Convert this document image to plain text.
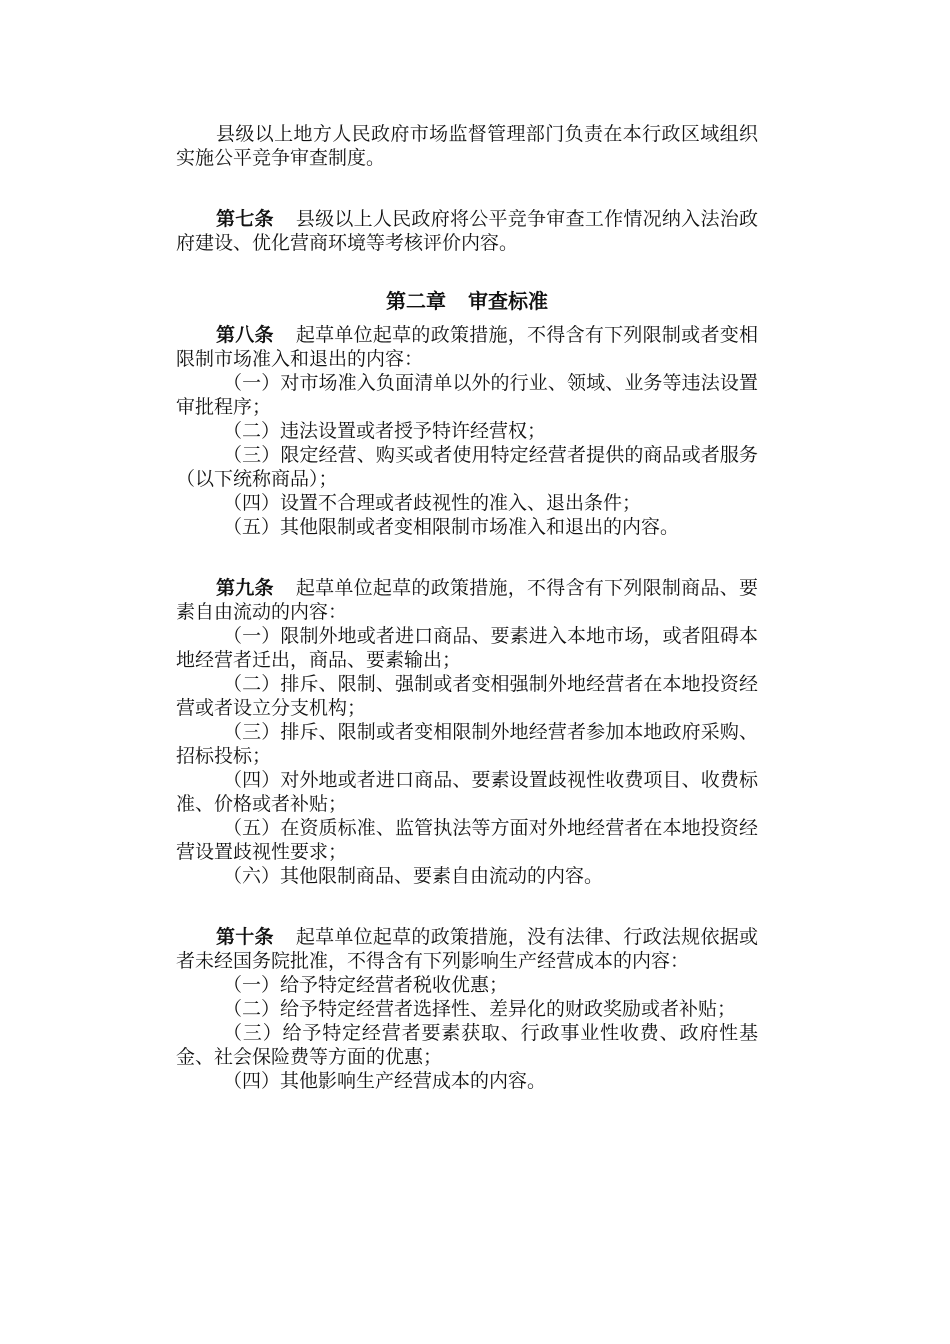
县级以上地方人民政府市场监督管理部门负责在本行政区域组织实施公平竞争审查制度。

第七条 县级以上人民政府将公平竞争审查工作情况纳入法治政府建设、优化营商环境等考核评价内容。

第二章 审查标准

第八条 起草单位起草的政策措施，不得含有下列限制或者变相限制市场准入和退出的内容：

（一）对市场准入负面清单以外的行业、领域、业务等违法设置审批程序；

（二）违法设置或者授予特许经营权；

（三）限定经营、购买或者使用特定经营者提供的商品或者服务（以下统称商品）；

（四）设置不合理或者歧视性的准入、退出条件；

（五）其他限制或者变相限制市场准入和退出的内容。

第九条 起草单位起草的政策措施，不得含有下列限制商品、要素自由流动的内容：

（一）限制外地或者进口商品、要素进入本地市场，或者阻碍本地经营者迁出，商品、要素输出；

（二）排斥、限制、强制或者变相强制外地经营者在本地投资经营或者设立分支机构；

（三）排斥、限制或者变相限制外地经营者参加本地政府采购、招标投标；

（四）对外地或者进口商品、要素设置歧视性收费项目、收费标准、价格或者补贴；

（五）在资质标准、监管执法等方面对外地经营者在本地投资经营设置歧视性要求；

（六）其他限制商品、要素自由流动的内容。

第十条 起草单位起草的政策措施，没有法律、行政法规依据或者未经国务院批准，不得含有下列影响生产经营成本的内容：

（一）给予特定经营者税收优惠；

（二）给予特定经营者选择性、差异化的财政奖励或者补贴；

（三）给予特定经营者要素获取、行政事业性收费、政府性基金、社会保险费等方面的优惠；

（四）其他影响生产经营成本的内容。
